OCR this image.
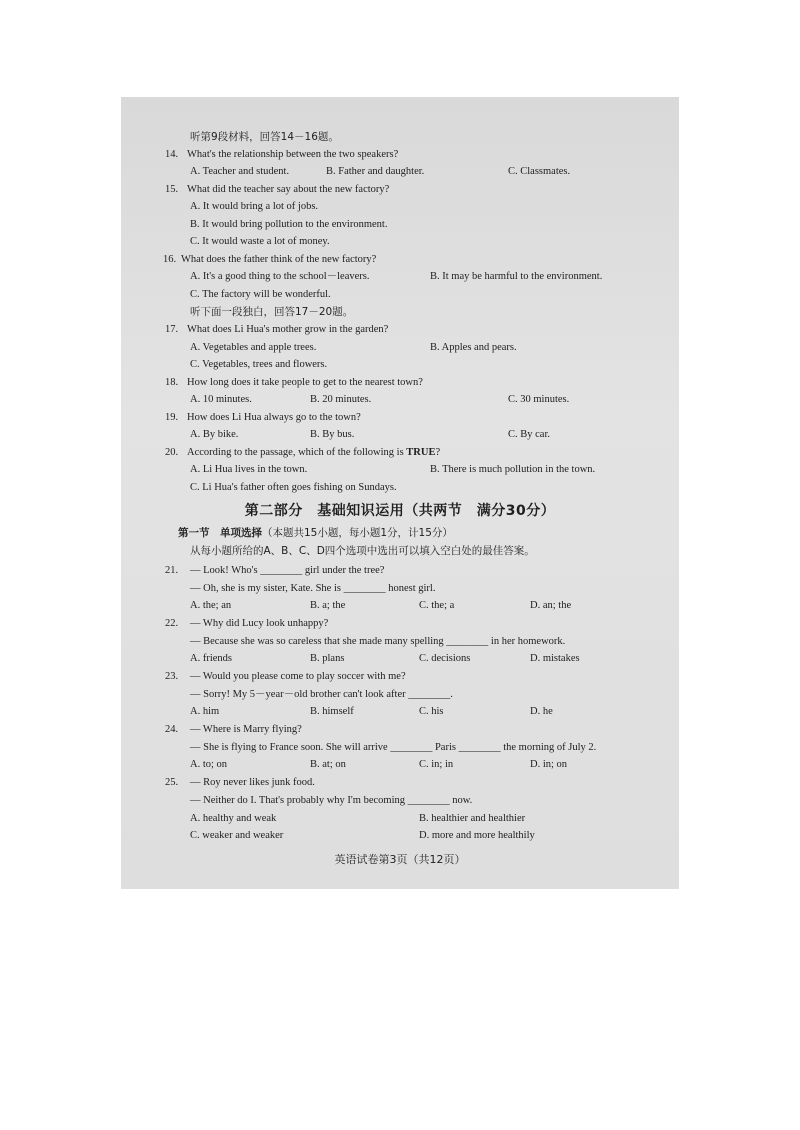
听第9段材料，回答14－16题。
14. What's the relationship between the two speakers?
A. Teacher and student.	B. Father and daughter.	C. Classmates.
15. What did the teacher say about the new factory?
A. It would bring a lot of jobs.
B. It would bring pollution to the environment.
C. It would waste a lot of money.
16. What does the father think of the new factory?
A. It's a good thing to the school－leavers.	B. It may be harmful to the environment.
C. The factory will be wonderful.
听下面一段独白，回答17－20题。
17. What does Li Hua's mother grow in the garden?
A. Vegetables and apple trees.	B. Apples and pears.
C. Vegetables, trees and flowers.
18. How long does it take people to get to the nearest town?
A. 10 minutes.	B. 20 minutes.	C. 30 minutes.
19. How does Li Hua always go to the town?
A. By bike.	B. By bus.	C. By car.
20. According to the passage, which of the following is TRUE?
A. Li Hua lives in the town.	B. There is much pollution in the town.
C. Li Hua's father often goes fishing on Sundays.
第二部分　基础知识运用（共两节　满分30分）
第一节　单项选择（本题共15小题，每小题1分，计15分）
从每小题所给的A、B、C、D四个选项中选出可以填入空白处的最佳答案。
21. — Look! Who's ________ girl under the tree?
— Oh, she is my sister, Kate. She is ________ honest girl.
A. the; an	B. a; the	C. the; a	D. an; the
22. — Why did Lucy look unhappy?
— Because she was so careless that she made many spelling ________ in her homework.
A. friends	B. plans	C. decisions	D. mistakes
23. — Would you please come to play soccer with me?
— Sorry! My 5－year－old brother can't look after ________.
A. him	B. himself	C. his	D. he
24. — Where is Marry flying?
— She is flying to France soon. She will arrive ________ Paris ________ the morning of July 2.
A. to; on	B. at; on	C. in; in	D. in; on
25. — Roy never likes junk food.
— Neither do I. That's probably why I'm becoming ________ now.
A. healthy and weak	B. healthier and healthier
C. weaker and weaker	D. more and more healthily
英语试卷第3页（共12页）
